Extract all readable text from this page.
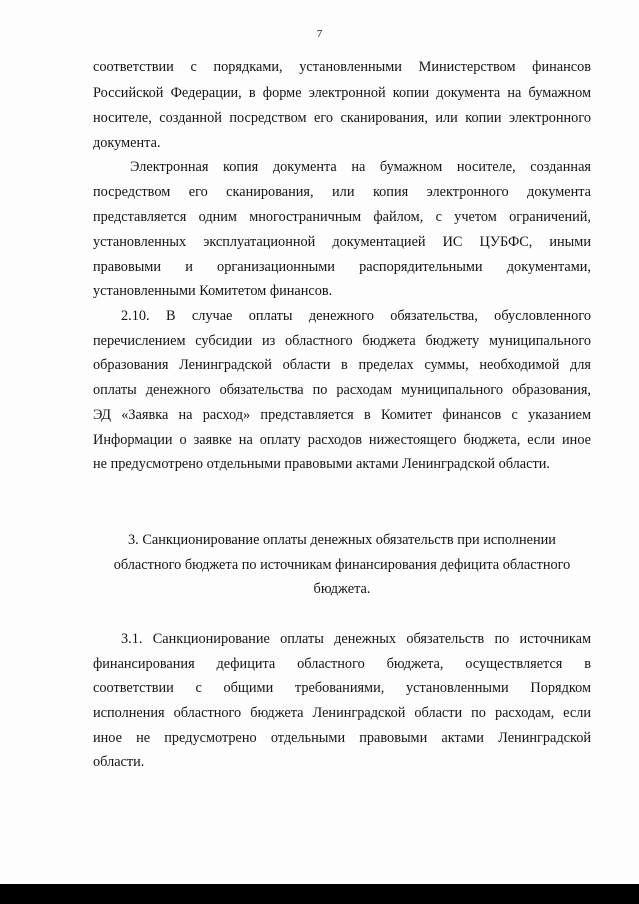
7
соответствии с порядками, установленными Министерством финансов
Российской Федерации, в форме электронной копии документа на бумажном
носителе, созданной посредством его сканирования, или копии электронного
документа.
Электронная копия документа на бумажном носителе, созданная
посредством его сканирования, или копия электронного документа
представляется одним многостраничным файлом, с учетом ограничений,
установленных эксплуатационной документацией ИС ЦУБФС, иными
правовыми и организационными распорядительными документами,
установленными Комитетом финансов.
2.10. В случае оплаты денежного обязательства, обусловленного
перечислением субсидии из областного бюджета бюджету муниципального
образования Ленинградской области в пределах суммы, необходимой для
оплаты денежного обязательства по расходам муниципального образования,
ЭД «Заявка на расход» представляется в Комитет финансов с указанием
Информации о заявке на оплату расходов нижестоящего бюджета, если иное
не предусмотрено отдельными правовыми актами Ленинградской области.
3. Санкционирование оплаты денежных обязательств при исполнении
областного бюджета по источникам финансирования дефицита областного
бюджета.
3.1. Санкционирование оплаты денежных обязательств по источникам
финансирования дефицита областного бюджета, осуществляется в
соответствии с общими требованиями, установленными Порядком
исполнения областного бюджета Ленинградской области по расходам, если
иное не предусмотрено отдельными правовыми актами Ленинградской
области.
